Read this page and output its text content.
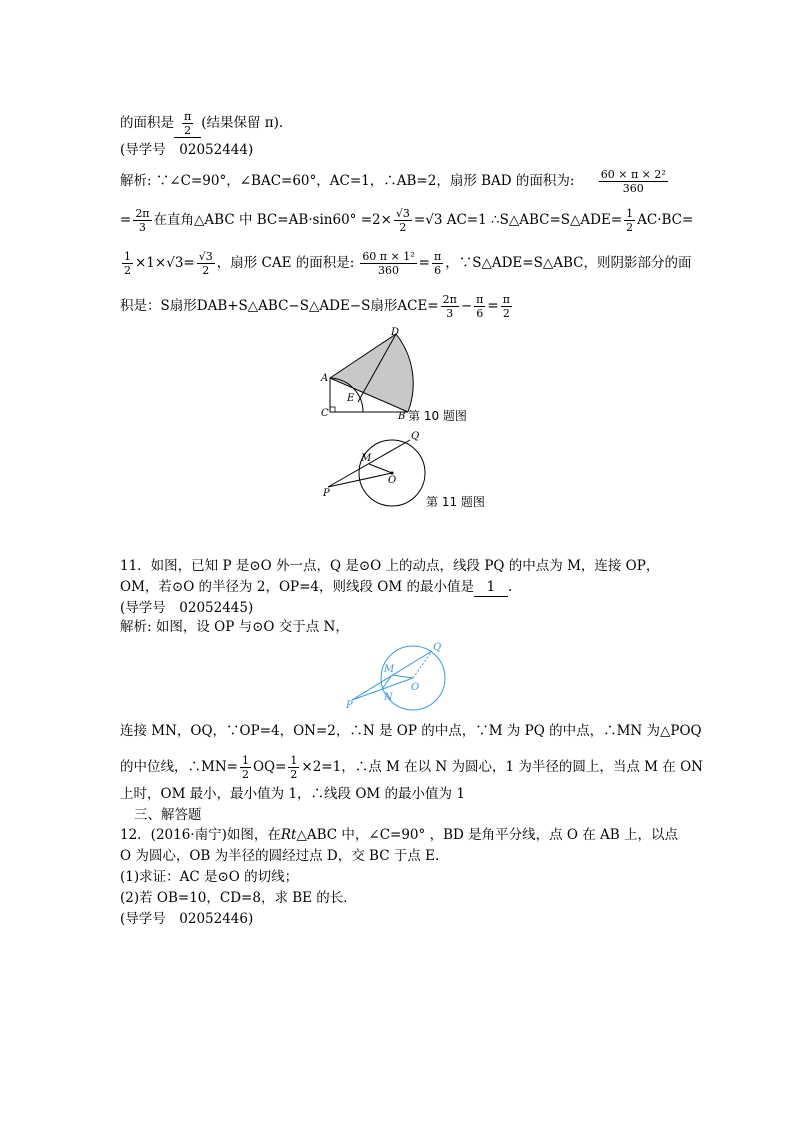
的面积是 $\frac{\pi}{2}$ (结果保留 π).
(导学号　02052444)
解析: ∵∠C=90°，∠BAC=60°，AC=1，∴AB=2，扇形 BAD 的面积为: $\frac{\text{60 × π × 2²}}{360}$
= $\frac{2\pi}{3}$ 在直角△ABC 中 $BC=AB\cdot\sin 60^\circ =2\times \frac{√3}{2} =√3$ AC=1 ∴S△ABC=S△ADE= $\frac{1}{2} AC\cdot BC=$
$\frac{1}{2} \times 1\times√3= \frac{√3}{2}$ ，扇形 CAE 的面积是: $\frac{\text{60 π × 1²}}{360} = \frac{\pi}{6}$ ，∵S△ADE=S△ABC，则阴影部分的面
积是：S扇形DAB+S△ABC−S△ADE−S扇形$ACE= \frac{2\pi}{3} - \frac{\pi}{6} = \frac{\pi}{2}$
D
A
C
E
B 第 10 题图
Q
M
O
P
第 11 题图
11．如图，已知 P 是⊙O 外一点，Q 是⊙O 上的动点，线段 PQ 的中点为 M，连接 OP，
OM，若⊙O 的半径为 2，OP=4，则线段 OM 的最小值是 1 .
(导学号　02052445)
解析: 如图，设 OP 与⊙O 交于点 N，
Q
M
O
N
P
连接 MN，OQ，∵OP=4，ON=2，∴N 是 OP 的中点，∵M 为 PQ 的中点，∴MN 为△POQ
的中位线，∴MN= $\frac{1}{2} OQ= \frac{1}{2} \times 2=1$，∴点 M 在以 N 为圆心，1 为半径的圆上，当点 M 在 ON
上时，OM 最小，最小值为 1，∴线段 OM 的最小值为 1
三、解答题
12．(2016·南宁)如图，在Rt△ABC 中，∠C=90° ，BD 是角平分线，点 O 在 AB 上，以点
O 为圆心，OB 为半径的圆经过点 D，交 BC 于点 E.
(1)求证：AC 是⊙O 的切线；
(2)若 OB=10，CD=8，求 BE 的长．
(导学号　02052446)
